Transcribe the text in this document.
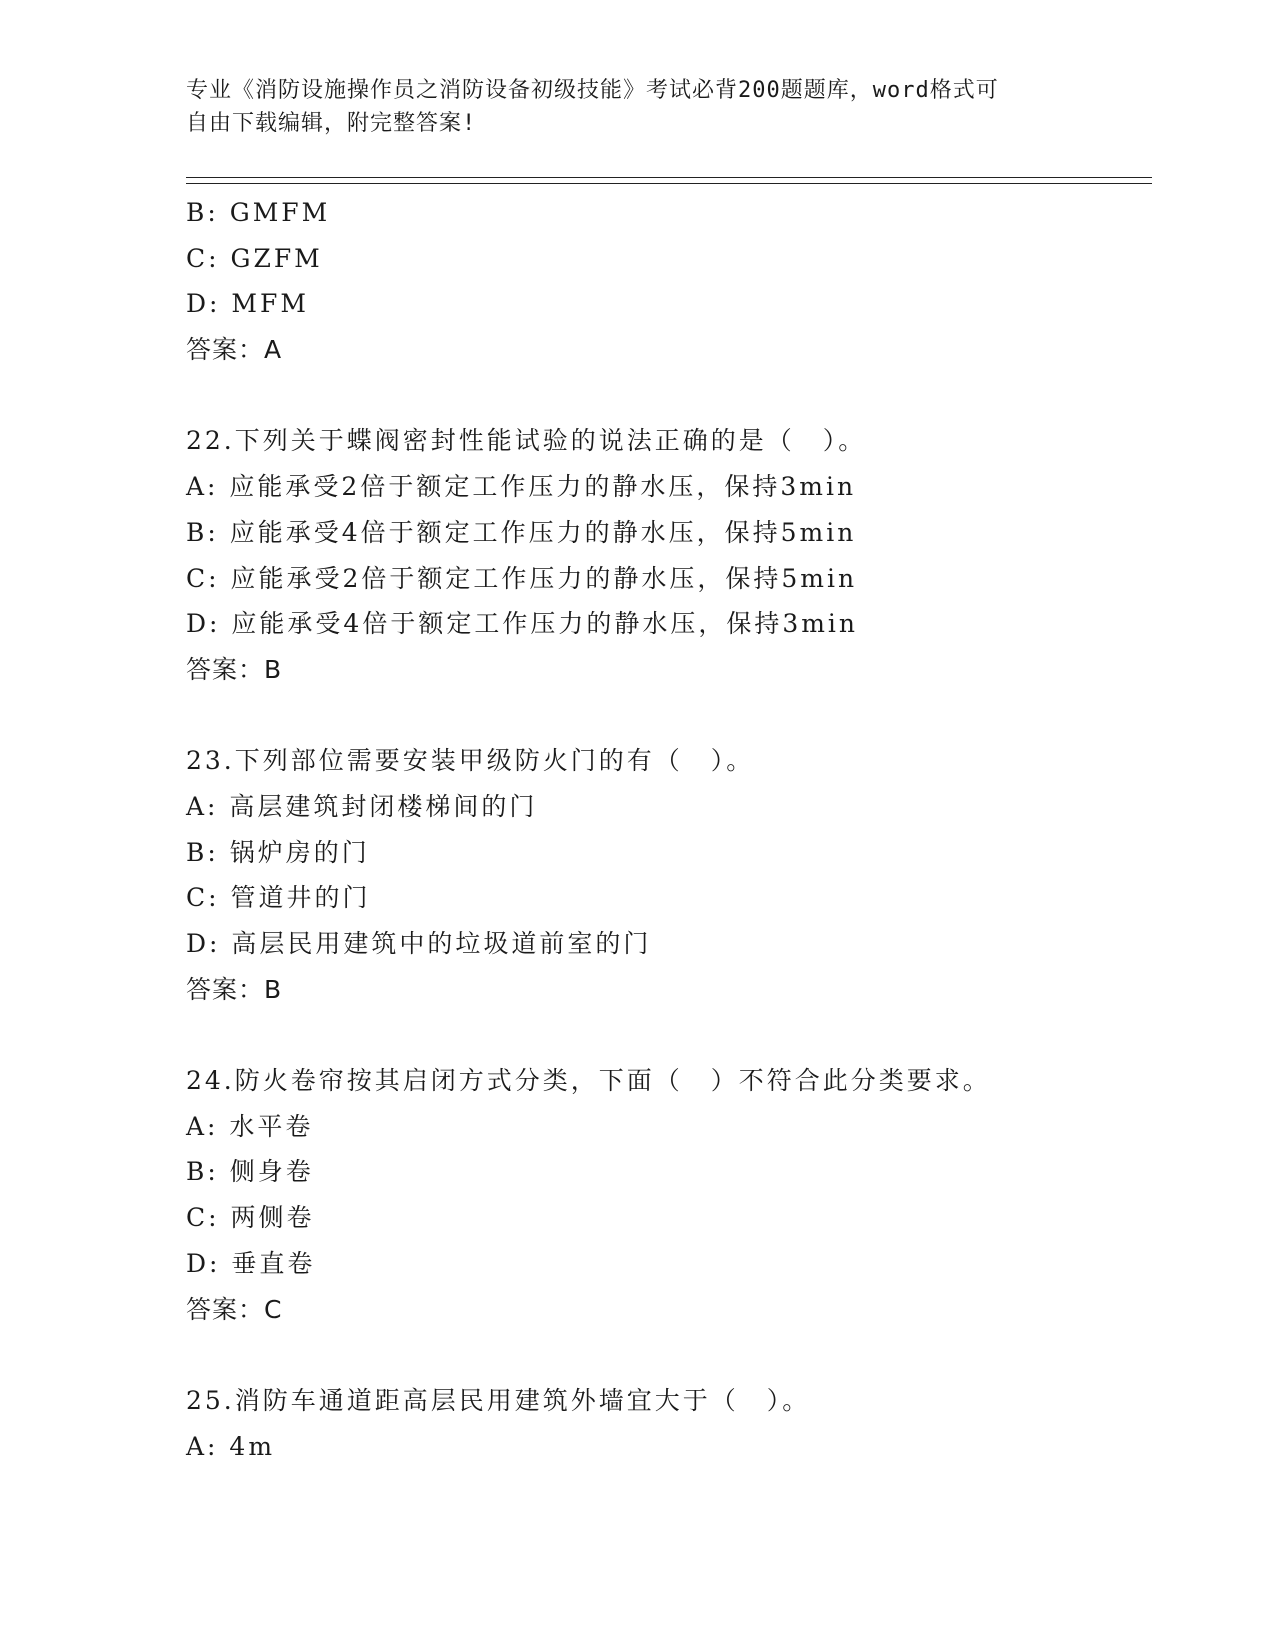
专业《消防设施操作员之消防设备初级技能》考试必背200题题库，word格式可
自由下载编辑，附完整答案!
B: GMFM
C: GZFM
D: MFM
答案：A
22.下列关于蝶阀密封性能试验的说法正确的是（　）。
A: 应能承受2倍于额定工作压力的静水压，保持3min
B: 应能承受4倍于额定工作压力的静水压，保持5min
C: 应能承受2倍于额定工作压力的静水压，保持5min
D: 应能承受4倍于额定工作压力的静水压，保持3min
答案：B
23.下列部位需要安装甲级防火门的有（　）。
A: 高层建筑封闭楼梯间的门
B: 锅炉房的门
C: 管道井的门
D: 高层民用建筑中的垃圾道前室的门
答案：B
24.防火卷帘按其启闭方式分类，下面（　）不符合此分类要求。
A: 水平卷
B: 侧身卷
C: 两侧卷
D: 垂直卷
答案：C
25.消防车通道距高层民用建筑外墙宜大于（　）。
A: 4m
